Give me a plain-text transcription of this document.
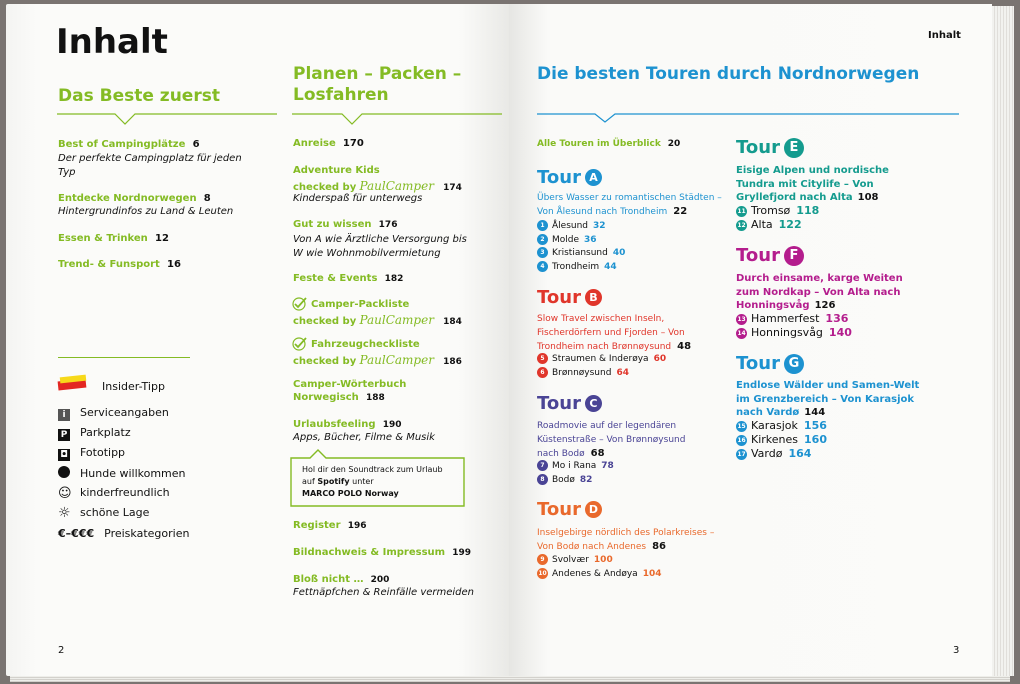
Inhalt
Das Beste zuerst
Best of Campingplätze 6
Der perfekte Campingplatz für jeden Typ
Entdecke Nordnorwegen 8
Hintergrundinfos zu Land & Leuten
Essen & Trinken 12
Trend- & Funsport 16
Insider-Tipp
i Serviceangaben
P Parkplatz
◘ Fototipp
Hunde willkommen
☺ kinderfreundlich
☼ schöne Lage
€–€€€ Preiskategorien
2
Planen – Packen –
Losfahren
Anreise 170
Adventure Kids
checked by PaulCamper 174
Kinderspaß für unterwegs
Gut zu wissen 176
Von A wie Ärztliche Versorgung bis
W wie Wohnmobilvermietung
Feste & Events 182
Camper-Packliste
checked by PaulCamper 184
Fahrzeugcheckliste
checked by PaulCamper 186
Camper-Wörterbuch
Norwegisch 188
Urlaubsfeeling 190
Apps, Bücher, Filme & Musik
Hol dir den Soundtrack zum Urlaub
auf Spotify unter
MARCO POLO Norway
Register 196
Bildnachweis & Impressum 199
Bloß nicht … 200
Fettnäpfchen & Reinfälle vermeiden
Inhalt
Die besten Touren durch Nordnorwegen
Alle Touren im Überblick 20
Tour A
Übers Wasser zu romantischen Städten –
Von Ålesund nach Trondheim 22
1 Ålesund 32
2 Molde 36
3 Kristiansund 40
4 Trondheim 44
Tour B
Slow Travel zwischen Inseln,
Fischerdörfern und Fjorden – Von
Trondheim nach Brønnøysund 48
5 Straumen & Inderøya 60
6 Brønnøysund 64
Tour C
Roadmovie auf der legendären
Küstenstraße – Von Brønnøysund
nach Bodø 68
7 Mo i Rana 78
8 Bodø 82
Tour D
Inselgebirge nördlich des Polarkreises –
Von Bodø nach Andenes 86
9 Svolvær 100
10 Andenes & Andøya 104
Tour E
Eisige Alpen und nordische
Tundra mit Citylife – Von
Gryllefjord nach Alta 108
11 Tromsø 118
12 Alta 122
Tour F
Durch einsame, karge Weiten
zum Nordkap – Von Alta nach
Honningsvåg 126
13 Hammerfest 136
14 Honningsvåg 140
Tour G
Endlose Wälder und Samen-Welt
im Grenzbereich – Von Karasjok
nach Vardø 144
15 Karasjok 156
16 Kirkenes 160
17 Vardø 164
3
